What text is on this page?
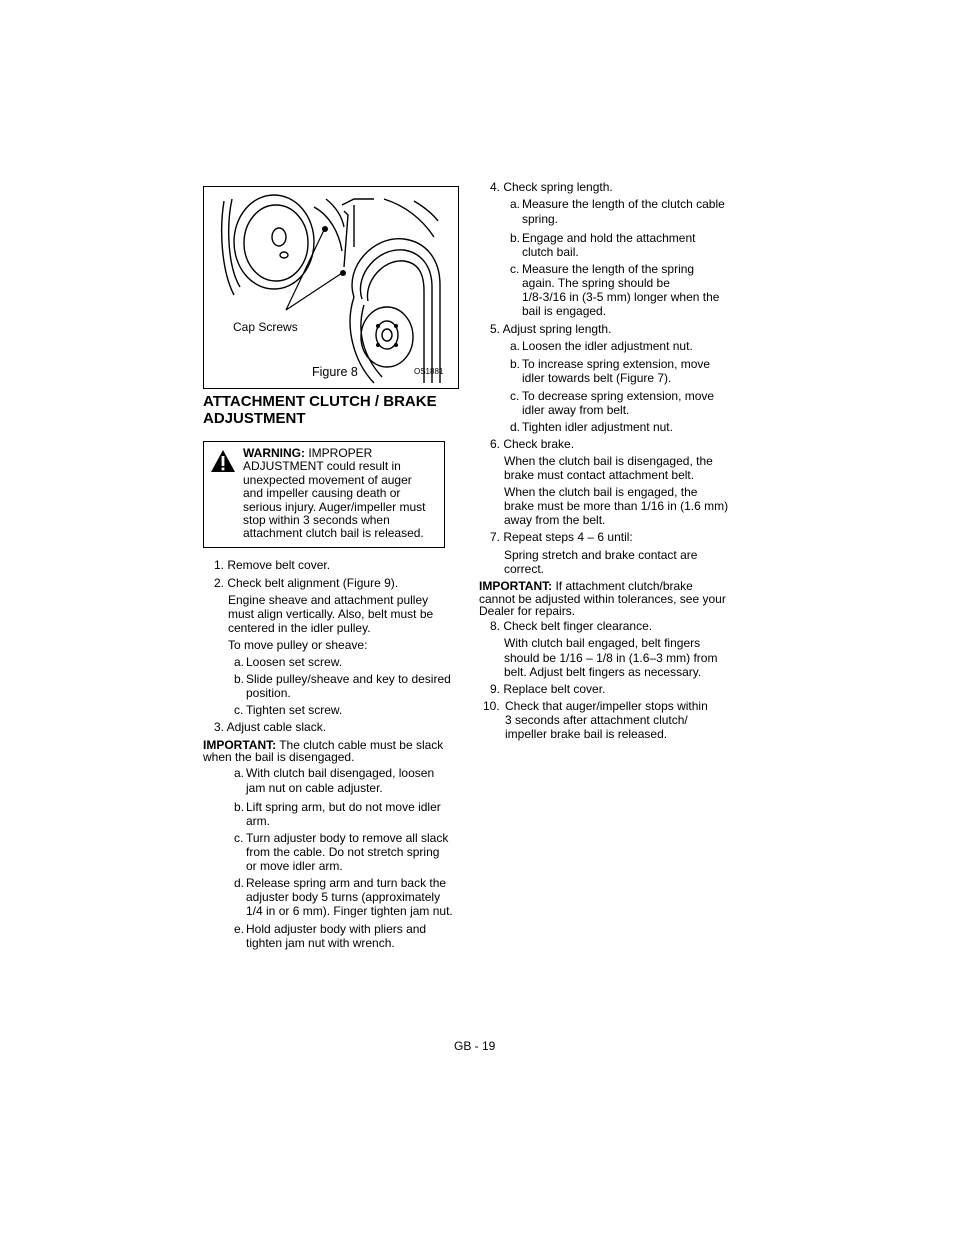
Cap Screws
Figure 8	OS1881
ATTACHMENT CLUTCH / BRAKE
ADJUSTMENT
WARNING: IMPROPER
ADJUSTMENT could result in
unexpected movement of auger
and impeller causing death or
serious injury. Auger/impeller must
stop within 3 seconds when
attachment clutch bail is released.
1. Remove belt cover.
2. Check belt alignment (Figure 9).
Engine sheave and attachment pulley
must align vertically. Also, belt must be
centered in the idler pulley.
To move pulley or sheave:
a. Loosen set screw.
b. Slide pulley/sheave and key to desired
position.
c. Tighten set screw.
3. Adjust cable slack.
IMPORTANT: The clutch cable must be slack
when the bail is disengaged.
a. With clutch bail disengaged, loosen
jam nut on cable adjuster.
b. Lift spring arm, but do not move idler
arm.
c. Turn adjuster body to remove all slack
from the cable. Do not stretch spring
or move idler arm.
d. Release spring arm and turn back the
adjuster body 5 turns (approximately
1/4 in or 6 mm). Finger tighten jam nut.
e. Hold adjuster body with pliers and
tighten jam nut with wrench.
4. Check spring length.
a. Measure the length of the clutch cable
spring.
b. Engage and hold the attachment
clutch bail.
c. Measure the length of the spring
again. The spring should be
1/8-3/16 in (3-5 mm) longer when the
bail is engaged.
5. Adjust spring length.
a. Loosen the idler adjustment nut.
b. To increase spring extension, move
idler towards belt (Figure 7).
c. To decrease spring extension, move
idler away from belt.
d. Tighten idler adjustment nut.
6. Check brake.
When the clutch bail is disengaged, the
brake must contact attachment belt.
When the clutch bail is engaged, the
brake must be more than 1/16 in (1.6 mm)
away from the belt.
7. Repeat steps 4 – 6 until:
Spring stretch and brake contact are
correct.
IMPORTANT: If attachment clutch/brake
cannot be adjusted within tolerances, see your
Dealer for repairs.
8. Check belt finger clearance.
With clutch bail engaged, belt fingers
should be 1/16 – 1/8 in (1.6–3 mm) from
belt. Adjust belt fingers as necessary.
9. Replace belt cover.
10. Check that auger/impeller stops within
3 seconds after attachment clutch/
impeller brake bail is released.
GB - 19
